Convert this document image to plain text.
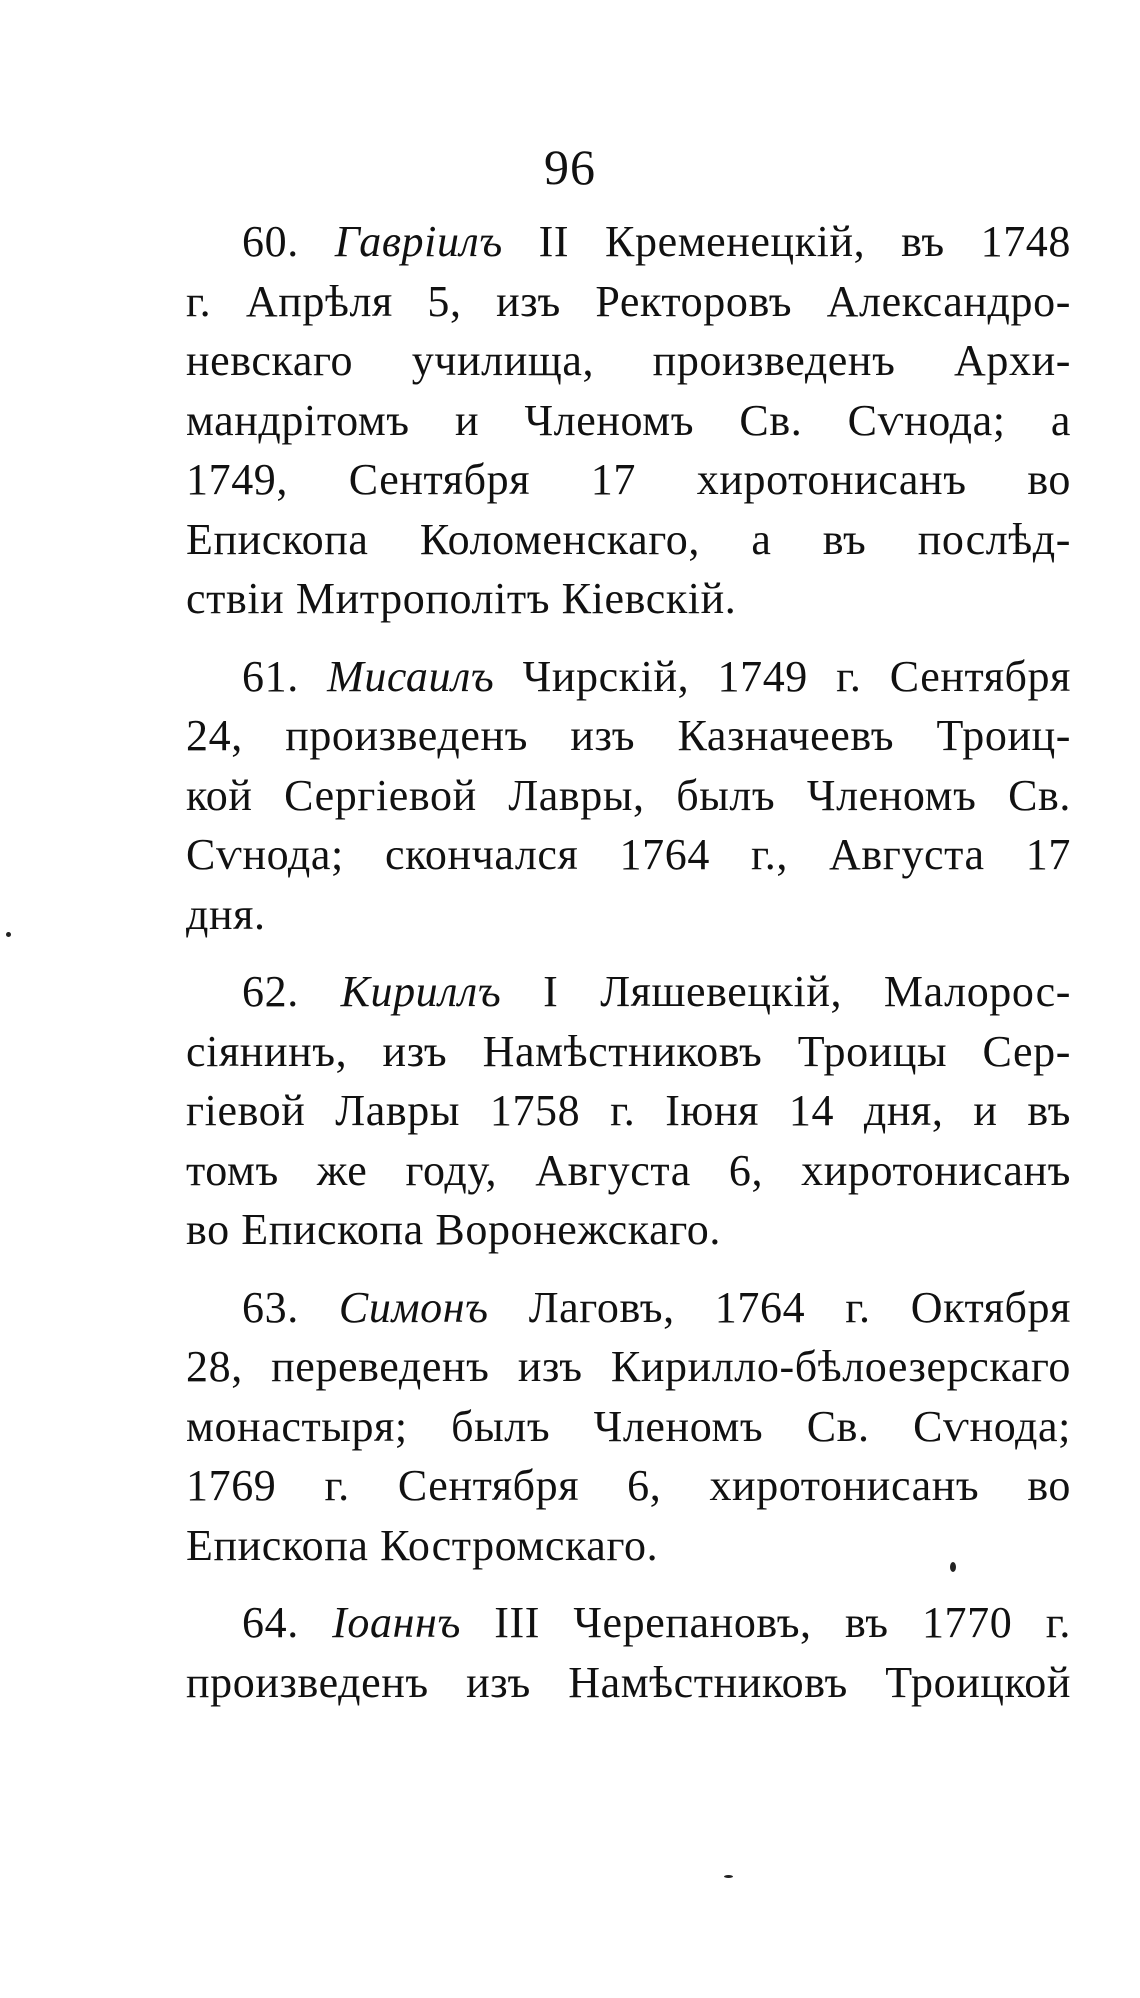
96
60. Гавріилъ II Кременецкій, въ 1748
г. Апрѣля 5, изъ Ректоровъ Александро-
невскаго училища, произведенъ Архи-
мандрітомъ и Членомъ Св. Сѵнода; а
1749, Сентября 17 хиротонисанъ во
Епископа Коломенскаго, а въ послѣд-
ствіи Митрополітъ Кіевскій.
61. Мисаилъ Чирскій, 1749 г. Сентября
24, произведенъ изъ Казначеевъ Троиц-
кой Сергіевой Лавры, былъ Членомъ Св.
Сѵнода; скончался 1764 г., Августа 17
дня.
62. Кириллъ I Ляшевецкій, Малорос-
сіянинъ, изъ Намѣстниковъ Троицы Сер-
гіевой Лавры 1758 г. Іюня 14 дня, и въ
томъ же году, Августа 6, хиротонисанъ
во Епископа Воронежскаго.
63. Симонъ Лаговъ, 1764 г. Октября
28, переведенъ изъ Кирилло-бѣлоезерскаго
монастыря; былъ Членомъ Св. Сѵнода;
1769 г. Сентября 6, хиротонисанъ во
Епископа Костромскаго.
64. Іоаннъ III Черепановъ, въ 1770 г.
произведенъ изъ Намѣстниковъ Троицкой
